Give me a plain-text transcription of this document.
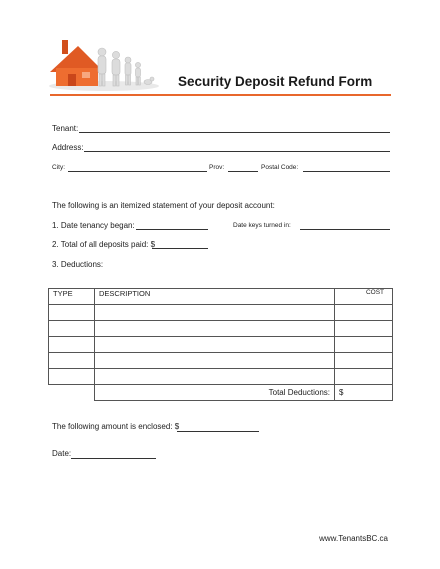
Security Deposit Refund Form
Tenant:
Address:
City:	Prov:	Postal Code:
The following is an itemized statement of your deposit account:
1. Date tenancy began:	Date keys turned in:
2. Total of all deposits paid: $
3. Deductions:
TYPE	DESCRIPTION	COST

	Total Deductions:	$
The following amount is enclosed: $
Date:
www.TenantsBC.ca
